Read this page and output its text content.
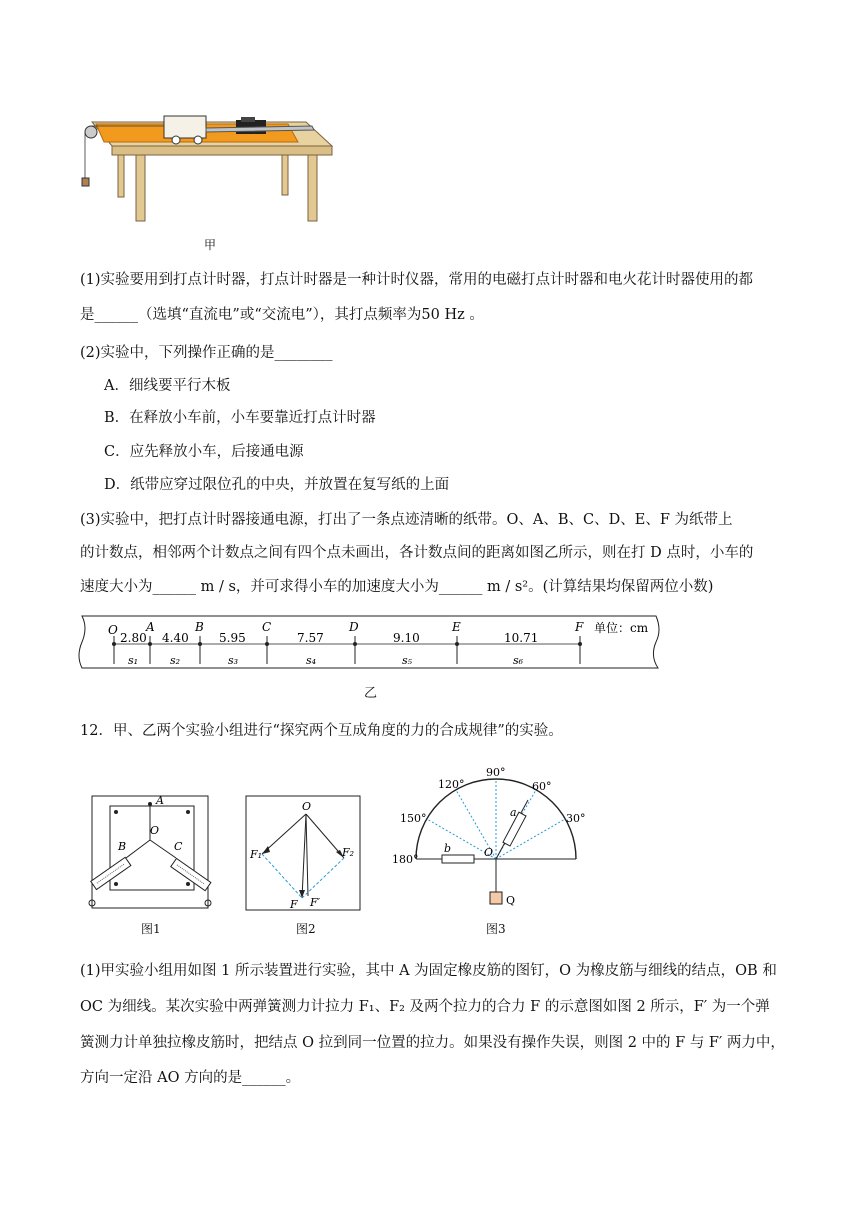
甲
(1)实验要用到打点计时器，打点计时器是一种计时仪器，常用的电磁打点计时器和电火花计时器使用的都
是______（选填“直流电”或“交流电”），其打点频率为50 Hz 。
(2)实验中，下列操作正确的是________
A．细线要平行木板
B．在释放小车前，小车要靠近打点计时器
C．应先释放小车，后接通电源
D．纸带应穿过限位孔的中央，并放置在复写纸的上面
(3)实验中，把打点计时器接通电源，打出了一条点迹清晰的纸带。O、A、B、C、D、E、F 为纸带上
的计数点，相邻两个计数点之间有四个点未画出，各计数点间的距离如图乙所示，则在打 D 点时，小车的
速度大小为______ m / s，并可求得小车的加速度大小为______ m / s²。(计算结果均保留两位小数)
O A	B	C	D	E	F 单位：cm
2.80 4.40	5.95	7.57	9.10	10.71
s₁	s₂	s₃	s₄	s₅	s₆
乙
12．甲、乙两个实验小组进行“探究两个互成角度的力的合成规律”的实验。
A
B
O
C
图1
O
F₁	F₂
F F′
图2
120°
90°
60°
150°	30°
180°
a
b	O
Q
图3
(1)甲实验小组用如图 1 所示装置进行实验，其中 A 为固定橡皮筋的图钉，O 为橡皮筋与细线的结点，OB 和
OC 为细线。某次实验中两弹簧测力计拉力 F₁、F₂ 及两个拉力的合力 F 的示意图如图 2 所示，F′ 为一个弹
簧测力计单独拉橡皮筋时，把结点 O 拉到同一位置的拉力。如果没有操作失误，则图 2 中的 F 与 F′ 两力中，
方向一定沿 AO 方向的是______。
